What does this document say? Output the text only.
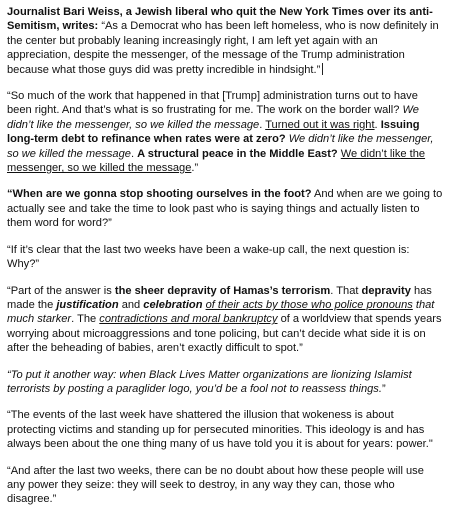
Journalist Bari Weiss, a Jewish liberal who quit the New York Times over its anti-Semitism, writes: “As a Democrat who has been left homeless, who is now definitely in the center but probably leaning increasingly right, I am left yet again with an appreciation, despite the messenger, of the message of the Trump administration because what those guys did was pretty incredible in hindsight.”

“So much of the work that happened in that [Trump] administration turns out to have been right. And that’s what is so frustrating for me. The work on the border wall? We didn’t like the messenger, so we killed the message. Turned out it was right. Issuing long-term debt to refinance when rates were at zero? We didn’t like the messenger, so we killed the message. A structural peace in the Middle East? We didn’t like the messenger, so we killed the message.”

“When are we gonna stop shooting ourselves in the foot? And when are we going to actually see and take the time to look past who is saying things and actually listen to them word for word?”

“If it’s clear that the last two weeks have been a wake-up call, the next question is: Why?”

“Part of the answer is the sheer depravity of Hamas’s terrorism. That depravity has made the justification and celebration of their acts by those who police pronouns that much starker. The contradictions and moral bankruptcy of a worldview that spends years worrying about microaggressions and tone policing, but can’t decide what side it is on after the beheading of babies, aren’t exactly difficult to spot.”

“To put it another way: when Black Lives Matter organizations are lionizing Islamist terrorists by posting a paraglider logo, you’d be a fool not to reassess things.”

“The events of the last week have shattered the illusion that wokeness is about protecting victims and standing up for persecuted minorities. This ideology is and has always been about the one thing many of us have told you it is about for years: power."

“And after the last two weeks, there can be no doubt about how these people will use any power they seize: they will seek to destroy, in any way they can, those who disagree.”
